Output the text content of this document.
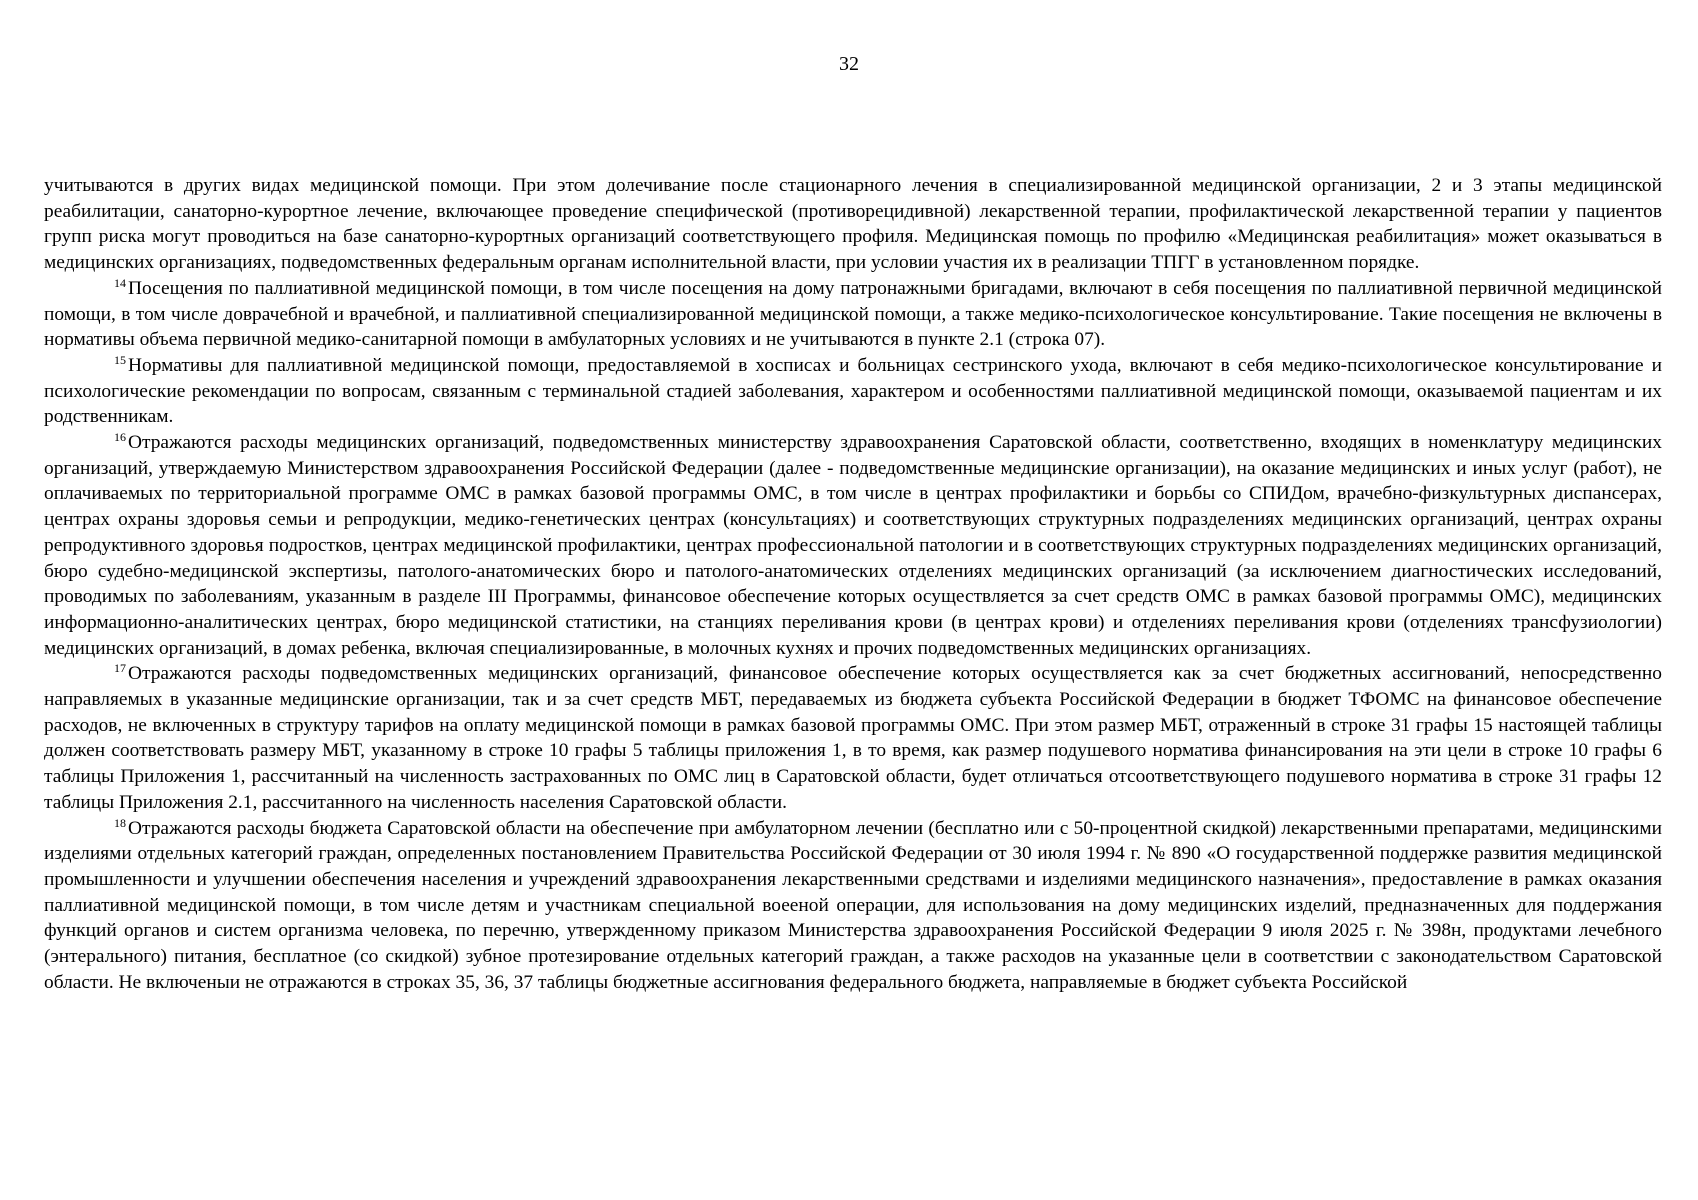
32

учитываются в других видах медицинской помощи. При этом долечивание после стационарного лечения в специализированной медицинской организации, 2 и 3 этапы медицинской реабилитации, санаторно-курортное лечение, включающее проведение специфической (противорецидивной) лекарственной терапии, профилактической лекарственной терапии у пациентов групп риска могут проводиться на базе санаторно-курортных организаций соответствующего профиля. Медицинская помощь по профилю «Медицинская реабилитация» может оказываться в медицинских организациях, подведомственных федеральным органам исполнительной власти, при условии участия их в реализации ТПГГ в установленном порядке.

$^{14}$ Посещения по паллиативной медицинской помощи, в том числе посещения на дому патронажными бригадами, включают в себя посещения по паллиативной первичной медицинской помощи, в том числе доврачебной и врачебной, и паллиативной специализированной медицинской помощи, а также медико-психологическое консультирование. Такие посещения не включены в нормативы объема первичной медико-санитарной помощи в амбулаторных условиях и не учитываются в пункте 2.1 (строка 07).

$^{15}$ Нормативы для паллиативной медицинской помощи, предоставляемой в хосписах и больницах сестринского ухода, включают в себя медико-психологическое консультирование и психологические рекомендации по вопросам, связанным с терминальной стадией заболевания, характером и особенностями паллиативной медицинской помощи, оказываемой пациентам и их родственникам.

$^{16}$ Отражаются расходы медицинских организаций, подведомственных министерству здравоохранения Саратовской области, соответственно, входящих в номенклатуру медицинских организаций, утверждаемую Министерством здравоохранения Российской Федерации (далее - подведомственные медицинские организации), на оказание медицинских и иных услуг (работ), не оплачиваемых по территориальной программе ОМС в рамках базовой программы ОМС, в том числе в центрах профилактики и борьбы со СПИДом, врачебно-физкультурных диспансерах, центрах охраны здоровья семьи и репродукции, медико-генетических центрах (консультациях) и соответствующих структурных подразделениях медицинских организаций, центрах охраны репродуктивного здоровья подростков, центрах медицинской профилактики, центрах профессиональной патологии и в соответствующих структурных подразделениях медицинских организаций, бюро судебно-медицинской экспертизы, патолого-анатомических бюро и патолого-анатомических отделениях медицинских организаций (за исключением диагностических исследований, проводимых по заболеваниям, указанным в разделе III Программы, финансовое обеспечение которых осуществляется за счет средств ОМС в рамках базовой программы ОМС), медицинских информационно-аналитических центрах, бюро медицинской статистики, на станциях переливания крови (в центрах крови) и отделениях переливания крови (отделениях трансфузиологии) медицинских организаций, в домах ребенка, включая специализированные, в молочных кухнях и прочих подведомственных медицинских организациях.

$^{17}$ Отражаются расходы подведомственных медицинских организаций, финансовое обеспечение которых осуществляется как за счет бюджетных ассигнований, непосредственно направляемых в указанные медицинские организации, так и за счет средств МБТ, передаваемых из бюджета субъекта Российской Федерации в бюджет ТФОМС на финансовое обеспечение расходов, не включенных в структуру тарифов на оплату медицинской помощи в рамках базовой программы ОМС. При этом размер МБТ, отраженный в строке 31 графы 15 настоящей таблицы должен соответствовать размеру МБТ, указанному в строке 10 графы 5 таблицы приложения 1, в то время, как размер подушевого норматива финансирования на эти цели в строке 10 графы 6 таблицы Приложения 1, рассчитанный на численность застрахованных по ОМС лиц в Саратовской области, будет отличаться отсоответствующего подушевого норматива в строке 31 графы 12 таблицы Приложения 2.1, рассчитанного на численность населения Саратовской области.

$^{18}$ Отражаются расходы бюджета Саратовской области на обеспечение при амбулаторном лечении (бесплатно или с 50-процентной скидкой) лекарственными препаратами, медицинскими изделиями отдельных категорий граждан, определенных постановлением Правительства Российской Федерации от 30 июля 1994 г. № 890 «О государственной поддержке развития медицинской промышленности и улучшении обеспечения населения и учреждений здравоохранения лекарственными средствами и изделиями медицинского назначения», предоставление в рамках оказания паллиативной медицинской помощи, в том числе детям и участникам специальной воееной операции, для использования на дому медицинских изделий, предназначенных для поддержания функций органов и систем организма человека, по перечню, утвержденному приказом Министерства здравоохранения Российской Федерации 9 июля 2025 г. № 398н, продуктами лечебного (энтерального) питания, бесплатное (со скидкой) зубное протезирование отдельных категорий граждан, а также расходов на указанные цели в соответствии с законодательством Саратовской области. Не включеныи не отражаются в строках 35, 36, 37 таблицы бюджетные ассигнования федерального бюджета, направляемые в бюджет субъекта Российской
